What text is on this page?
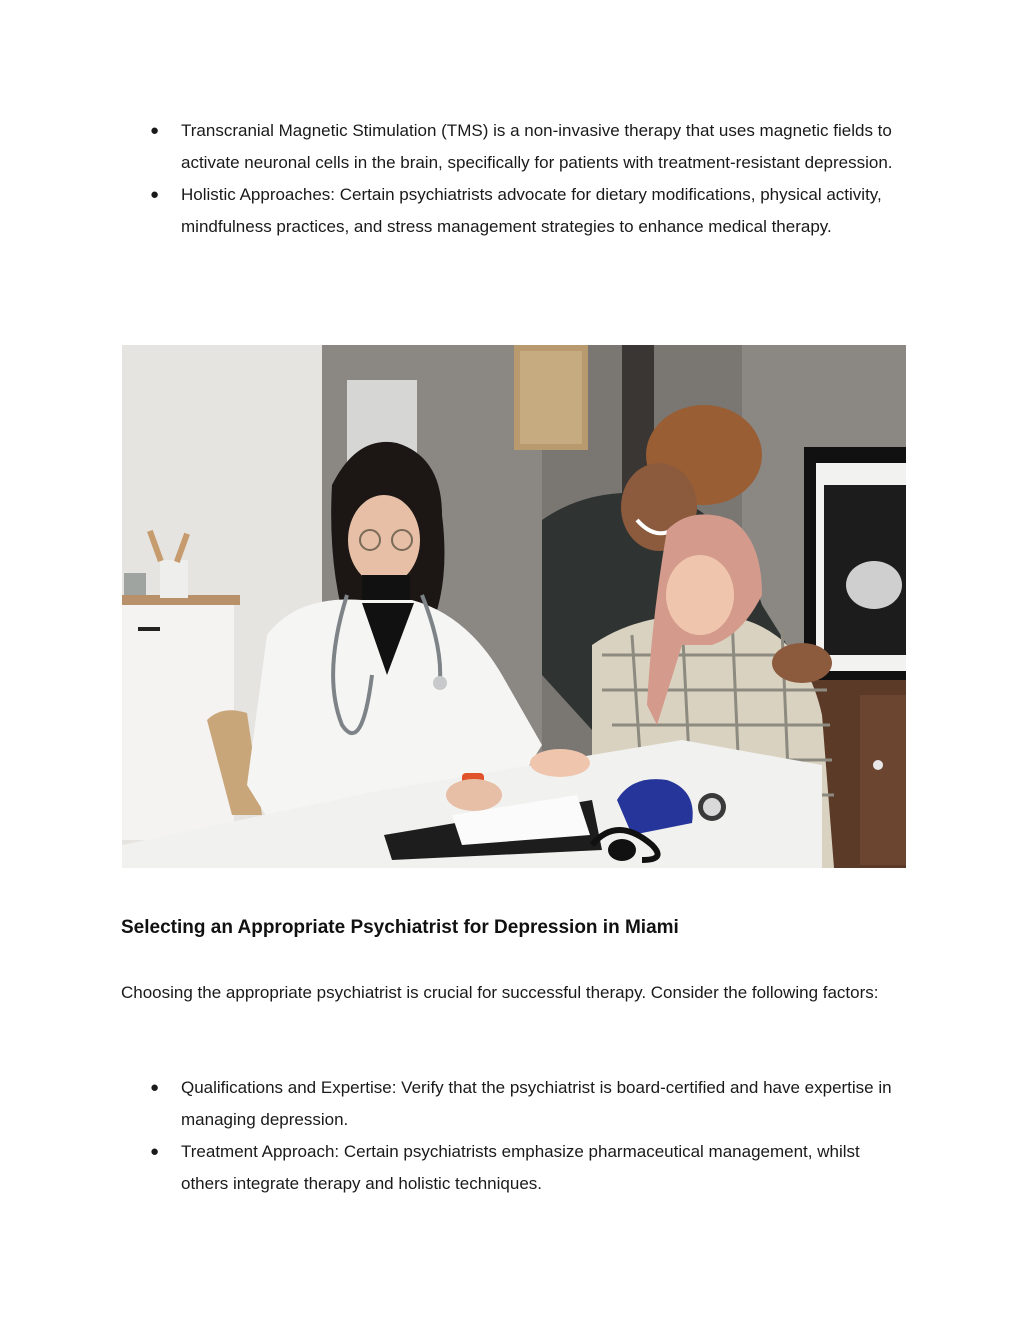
● Transcranial Magnetic Stimulation (TMS) is a non-invasive therapy that uses magnetic fields to activate neuronal cells in the brain, specifically for patients with treatment-resistant depression.
● Holistic Approaches: Certain psychiatrists advocate for dietary modifications, physical activity, mindfulness practices, and stress management strategies to enhance medical therapy.
Selecting an Appropriate Psychiatrist for Depression in Miami

Choosing the appropriate psychiatrist is crucial for successful therapy. Consider the following factors:

● Qualifications and Expertise: Verify that the psychiatrist is board-certified and have expertise in managing depression.
● Treatment Approach: Certain psychiatrists emphasize pharmaceutical management, whilst others integrate therapy and holistic techniques.
